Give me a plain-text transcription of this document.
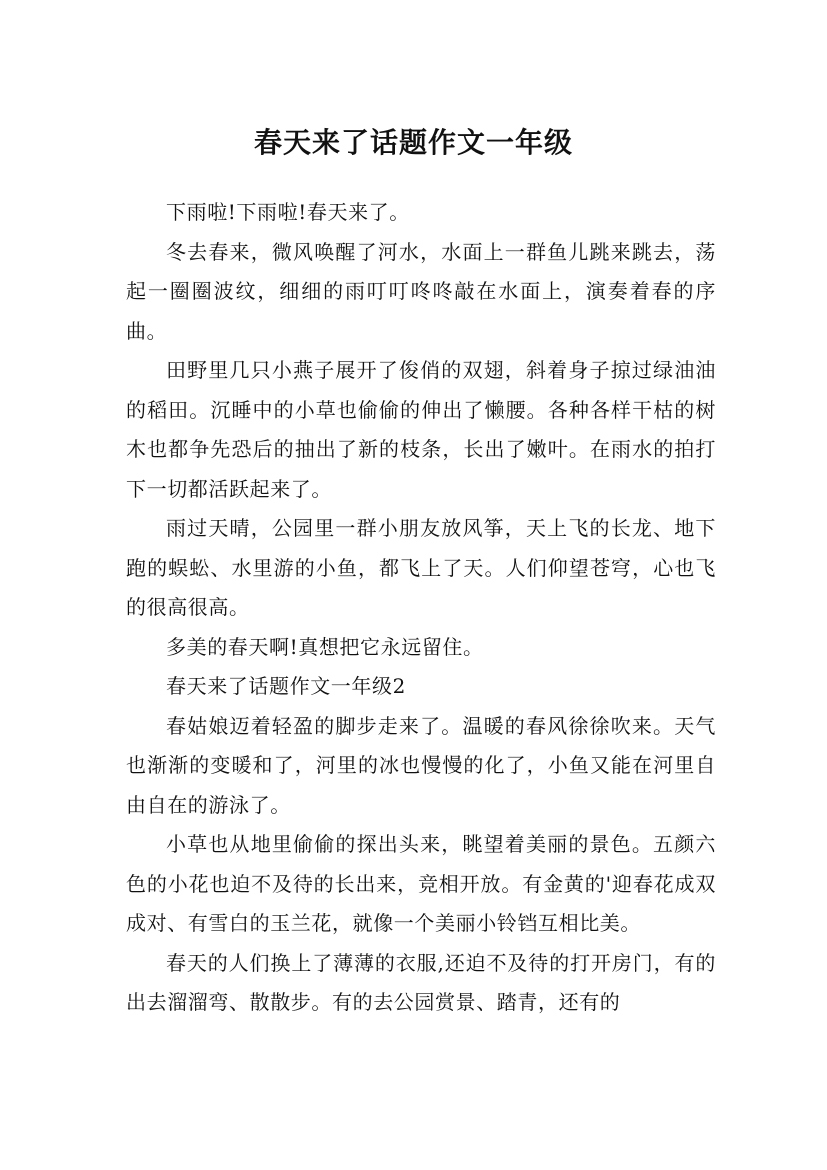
春天来了话题作文一年级

下雨啦!下雨啦!春天来了。

冬去春来，微风唤醒了河水，水面上一群鱼儿跳来跳去，荡起一圈圈波纹，细细的雨叮叮咚咚敲在水面上，演奏着春的序曲。

田野里几只小燕子展开了俊俏的双翅，斜着身子掠过绿油油的稻田。沉睡中的小草也偷偷的伸出了懒腰。各种各样干枯的树木也都争先恐后的抽出了新的枝条，长出了嫩叶。在雨水的拍打下一切都活跃起来了。

雨过天晴，公园里一群小朋友放风筝，天上飞的长龙、地下跑的蜈蚣、水里游的小鱼，都飞上了天。人们仰望苍穹，心也飞的很高很高。

多美的春天啊!真想把它永远留住。

春天来了话题作文一年级2

春姑娘迈着轻盈的脚步走来了。温暖的春风徐徐吹来。天气也渐渐的变暖和了，河里的冰也慢慢的化了，小鱼又能在河里自由自在的游泳了。

小草也从地里偷偷的探出头来，眺望着美丽的景色。五颜六色的小花也迫不及待的长出来，竞相开放。有金黄的'迎春花成双成对、有雪白的玉兰花，就像一个美丽小铃铛互相比美。

春天的人们换上了薄薄的衣服,还迫不及待的打开房门，有的出去溜溜弯、散散步。有的去公园赏景、踏青，还有的
